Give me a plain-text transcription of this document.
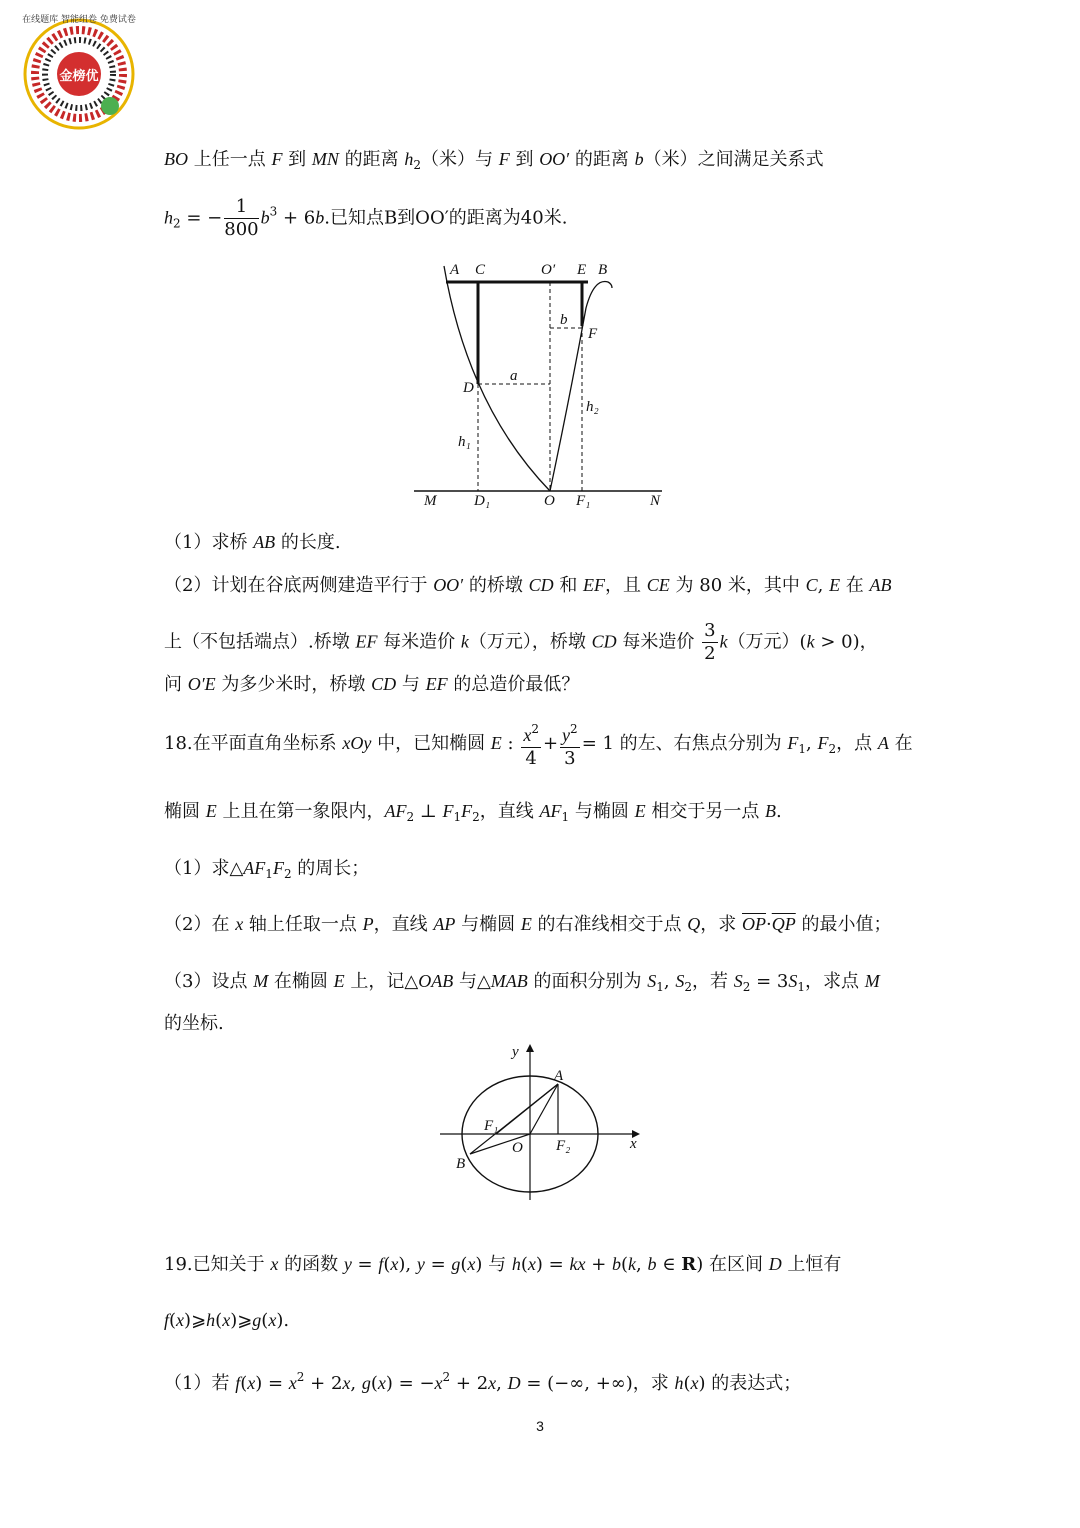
金榜优
在线题库 智能组卷 免费试卷
BO 上任一点 F 到 MN 的距离 $h_2$（米）与 F 到 OO′ 的距离 b（米）之间满足关系式
$h_2$ = − $\frac{1}{800} b^3 + 6b$.已知点B到OO′的距离为40米.
A C	O′ E B
b
F
D
a
h₂
h₁
M	D₁	O F₁	N
（1）求桥 AB 的长度.
（2）计划在谷底两侧建造平行于 OO′ 的桥墩 CD 和 EF，且 CE 为 80 米，其中 C, E 在 AB
上（不包括端点）.桥墩 EF 每米造价 k（万元），桥墩 CD 每米造价 $\frac{3}{2} k$（万元）(k > 0)，
问 O′E 为多少米时，桥墩 CD 与 EF 的总造价最低？
18.在平面直角坐标系 xOy 中，已知椭圆 E : $\frac{x^2}{4} + \frac{y^2}{3} = 1$ 的左、右焦点分别为 $F_1$, $F_2$，点 A 在
椭圆 E 上且在第一象限内，$AF_2$ ⊥ $F_1F_2$，直线 $AF_1$ 与椭圆 E 相交于另一点 B.
（1）求$\triangle AF_1F_2$ 的周长；
（2）在 x 轴上任取一点 P，直线 AP 与椭圆 E 的右准线相交于点 Q，求 $\overline{OP}\cdot\overline{QP}$ 的最小值；
（3）设点 M 在椭圆 E 上，记△OAB 与△MAB 的面积分别为 $S_1$, $S_2$，若 $S_2 = 3S_1$，求点 M
的坐标.
y
A
F₁
O F₂	x
B
19.已知关于 x 的函数 y = f(x), y = g(x) 与 h(x) = kx + b(k, b ∈ R) 在区间 D 上恒有
f(x)⩾h(x)⩾g(x).
（1）若 $f(x) = x^2 + 2x$, $g(x) = -x^2 + 2x$, D = (−∞, +∞)，求 h(x) 的表达式；
3
